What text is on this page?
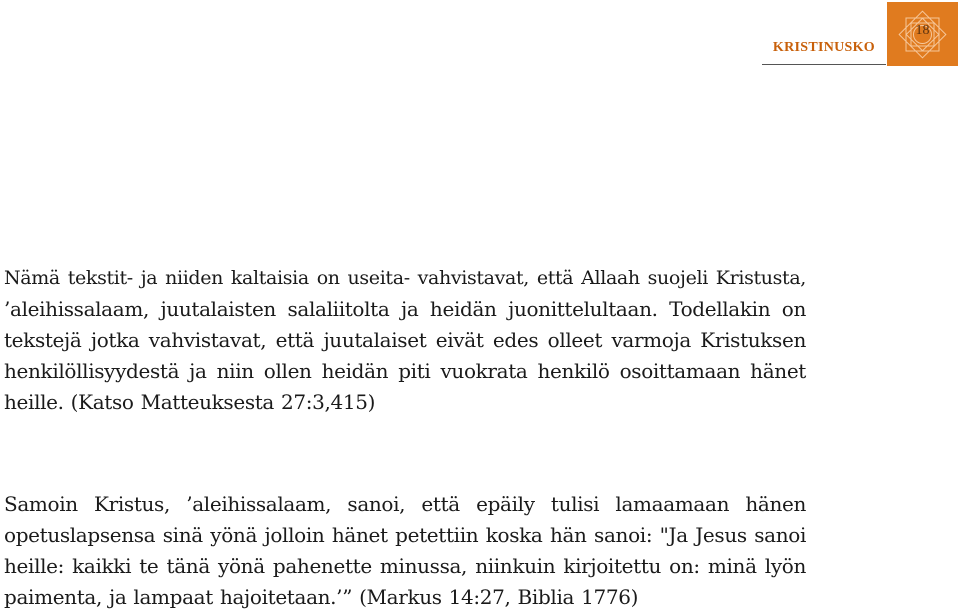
KRISTINUSKO
18
Nämä tekstit- ja niiden kaltaisia on useita- vahvistavat, että Allaah suojeli Kristusta,
’aleihissalaam, juutalaisten salaliitolta ja heidän juonittelultaan. Todellakin on
tekstejä jotka vahvistavat, että juutalaiset eivät edes olleet varmoja Kristuksen
henkilöllisyydestä ja niin ollen heidän piti vuokrata henkilö osoittamaan hänet
heille. (Katso Matteuksesta 27:3,415)
Samoin Kristus, ’aleihissalaam, sanoi, että epäily tulisi lamaamaan hänen
opetuslapsensa sinä yönä jolloin hänet petettiin koska hän sanoi: "Ja Jesus sanoi
heille: kaikki te tänä yönä pahenette minussa, niinkuin kirjoitettu on: minä lyön
paimenta, ja lampaat hajoitetaan.’” (Markus 14:27, Biblia 1776)
